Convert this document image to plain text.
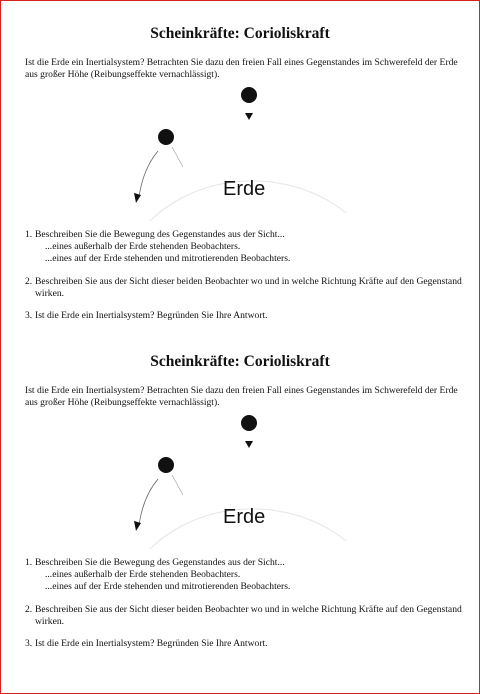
Scheinkräfte: Corioliskraft
Ist die Erde ein Inertialsystem? Betrachten Sie dazu den freien Fall eines Gegenstandes im Schwerefeld der Erde aus großer Höhe (Reibungseffekte vernachlässigt).
Erde
1. Beschreiben Sie die Bewegung des Gegenstandes aus der Sicht...
...eines außerhalb der Erde stehenden Beobachters.
...eines auf der Erde stehenden und mitrotierenden Beobachters.
2. Beschreiben Sie aus der Sicht dieser beiden Beobachter wo und in welche Richtung Kräfte auf den Gegenstand wirken.
3. Ist die Erde ein Inertialsystem? Begründen Sie Ihre Antwort.
Scheinkräfte: Corioliskraft
Ist die Erde ein Inertialsystem? Betrachten Sie dazu den freien Fall eines Gegenstandes im Schwerefeld der Erde aus großer Höhe (Reibungseffekte vernachlässigt).
Erde
1. Beschreiben Sie die Bewegung des Gegenstandes aus der Sicht...
...eines außerhalb der Erde stehenden Beobachters.
...eines auf der Erde stehenden und mitrotierenden Beobachters.
2. Beschreiben Sie aus der Sicht dieser beiden Beobachter wo und in welche Richtung Kräfte auf den Gegenstand wirken.
3. Ist die Erde ein Inertialsystem? Begründen Sie Ihre Antwort.
